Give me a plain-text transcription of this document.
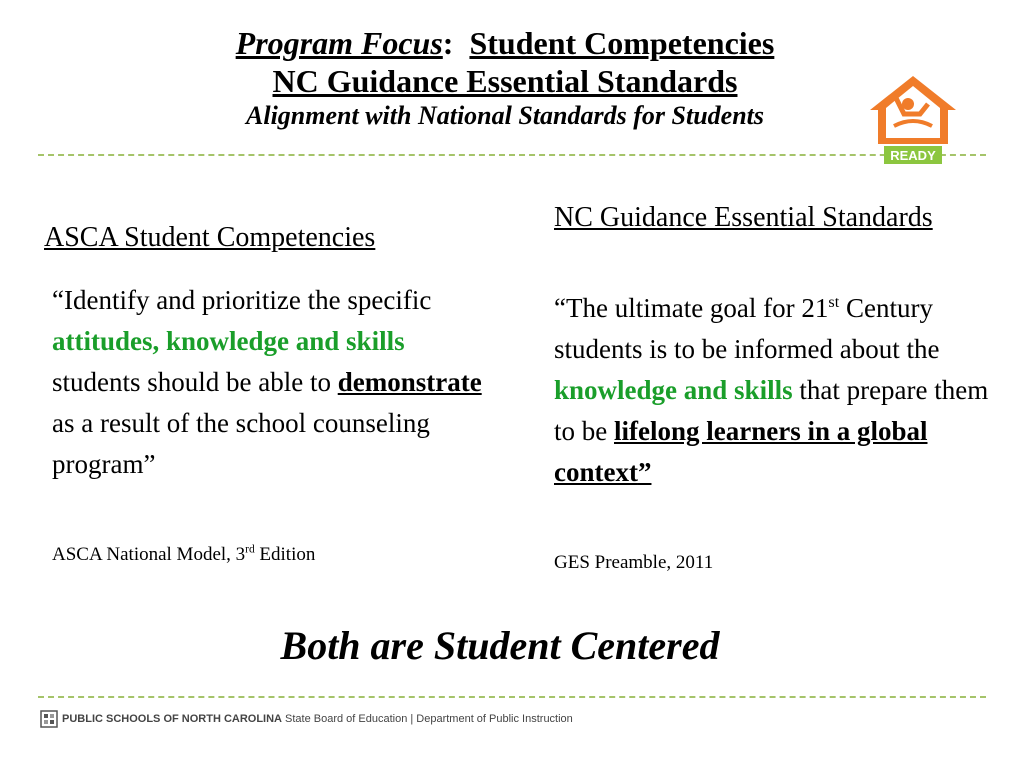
Program Focus: Student Competencies
NC Guidance Essential Standards
Alignment with National Standards for Students
READY
ASCA Student Competencies
“Identify and prioritize the specific attitudes, knowledge and skills students should be able to demonstrate as a result of the school counseling program”
ASCA National Model, 3rd Edition
NC Guidance Essential Standards
“The ultimate goal for 21st Century students is to be informed about the knowledge and skills that prepare them to be lifelong learners in a global context”
GES Preamble, 2011
Both are Student Centered
PUBLIC SCHOOLS OF NORTH CAROLINA State Board of Education | Department of Public Instruction
